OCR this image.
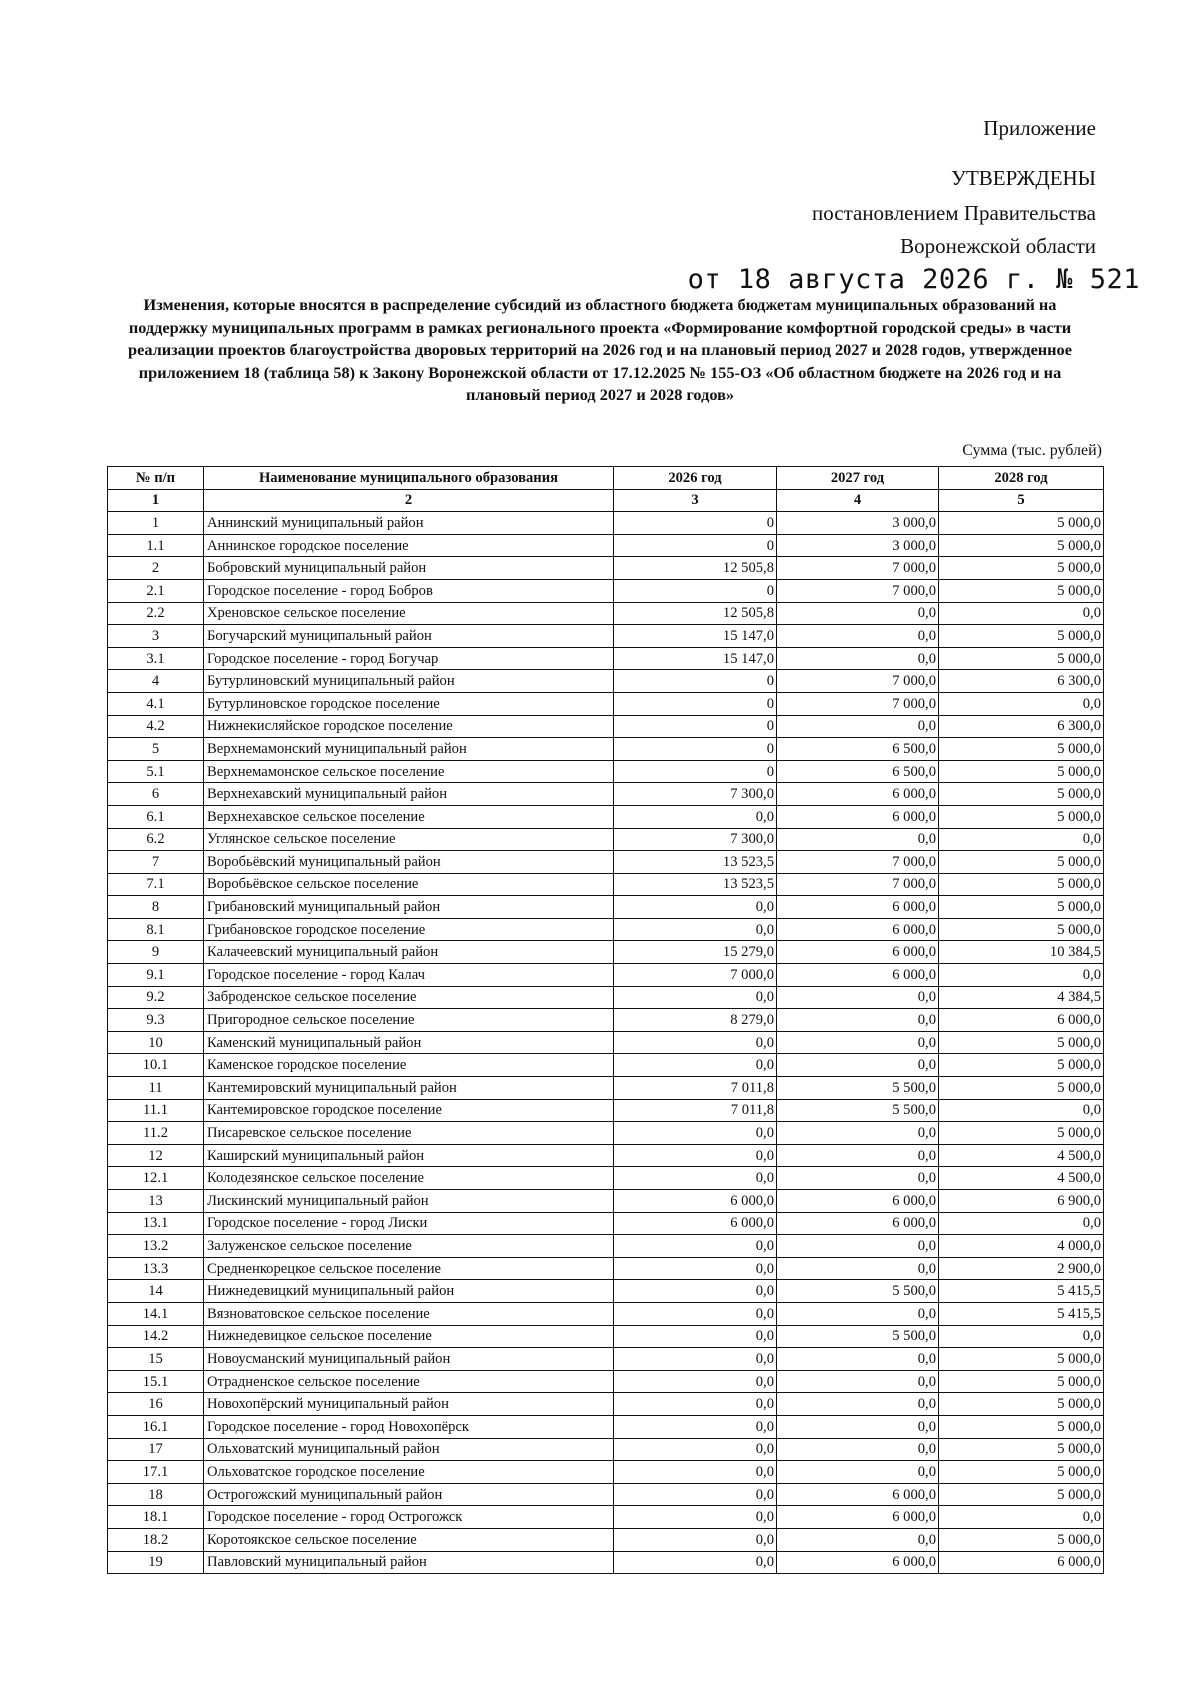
Приложение
УТВЕРЖДЕНЫ
постановлением Правительства
Воронежской области
от 18 августа 2026 г. № 521
Изменения, которые вносятся в распределение субсидий из областного бюджета бюджетам муниципальных образований на поддержку муниципальных программ в рамках регионального проекта «Формирование комфортной городской среды» в части реализации проектов благоустройства дворовых территорий на 2026 год и на плановый период 2027 и 2028 годов, утвержденное приложением 18 (таблица 58) к Закону Воронежской области от 17.12.2025 № 155-ОЗ «Об областном бюджете на 2026 год и на плановый период 2027 и 2028 годов»
Сумма (тыс. рублей)
№ п/п	Наименование муниципального образования	2026 год	2027 год	2028 год
1	2	3	4	5
1	Аннинский муниципальный район	0	3 000,0	5 000,0
1.1	Аннинское городское поселение	0	3 000,0	5 000,0
2	Бобровский муниципальный район	12 505,8	7 000,0	5 000,0
2.1	Городское поселение - город Бобров	0	7 000,0	5 000,0
2.2	Хреновское сельское поселение	12 505,8	0,0	0,0
3	Богучарский муниципальный район	15 147,0	0,0	5 000,0
3.1	Городское поселение - город Богучар	15 147,0	0,0	5 000,0
4	Бутурлиновский муниципальный район	0	7 000,0	6 300,0
4.1	Бутурлиновское городское поселение	0	7 000,0	0,0
4.2	Нижнекисляйское городское поселение	0	0,0	6 300,0
5	Верхнемамонский муниципальный район	0	6 500,0	5 000,0
5.1	Верхнемамонское сельское поселение	0	6 500,0	5 000,0
6	Верхнехавский муниципальный район	7 300,0	6 000,0	5 000,0
6.1	Верхнехавское сельское поселение	0,0	6 000,0	5 000,0
6.2	Углянское сельское поселение	7 300,0	0,0	0,0
7	Воробьёвский муниципальный район	13 523,5	7 000,0	5 000,0
7.1	Воробьёвское сельское поселение	13 523,5	7 000,0	5 000,0
8	Грибановский муниципальный район	0,0	6 000,0	5 000,0
8.1	Грибановское городское поселение	0,0	6 000,0	5 000,0
9	Калачеевский муниципальный район	15 279,0	6 000,0	10 384,5
9.1	Городское поселение - город Калач	7 000,0	6 000,0	0,0
9.2	Заброденское сельское поселение	0,0	0,0	4 384,5
9.3	Пригородное сельское поселение	8 279,0	0,0	6 000,0
10	Каменский муниципальный район	0,0	0,0	5 000,0
10.1	Каменское городское поселение	0,0	0,0	5 000,0
11	Кантемировский муниципальный район	7 011,8	5 500,0	5 000,0
11.1	Кантемировское городское поселение	7 011,8	5 500,0	0,0
11.2	Писаревское сельское поселение	0,0	0,0	5 000,0
12	Каширский муниципальный район	0,0	0,0	4 500,0
12.1	Колодезянское сельское поселение	0,0	0,0	4 500,0
13	Лискинский муниципальный район	6 000,0	6 000,0	6 900,0
13.1	Городское поселение - город Лиски	6 000,0	6 000,0	0,0
13.2	Залуженское сельское поселение	0,0	0,0	4 000,0
13.3	Средненкорецкое сельское поселение	0,0	0,0	2 900,0
14	Нижнедевицкий муниципальный район	0,0	5 500,0	5 415,5
14.1	Вязноватовское сельское поселение	0,0	0,0	5 415,5
14.2	Нижнедевицкое сельское поселение	0,0	5 500,0	0,0
15	Новоусманский муниципальный район	0,0	0,0	5 000,0
15.1	Отрадненское сельское поселение	0,0	0,0	5 000,0
16	Новохопёрский муниципальный район	0,0	0,0	5 000,0
16.1	Городское поселение - город Новохопёрск	0,0	0,0	5 000,0
17	Ольховатский муниципальный район	0,0	0,0	5 000,0
17.1	Ольховатское городское поселение	0,0	0,0	5 000,0
18	Острогожский муниципальный район	0,0	6 000,0	5 000,0
18.1	Городское поселение - город Острогожск	0,0	6 000,0	0,0
18.2	Коротоякское сельское поселение	0,0	0,0	5 000,0
19	Павловский муниципальный район	0,0	6 000,0	6 000,0
